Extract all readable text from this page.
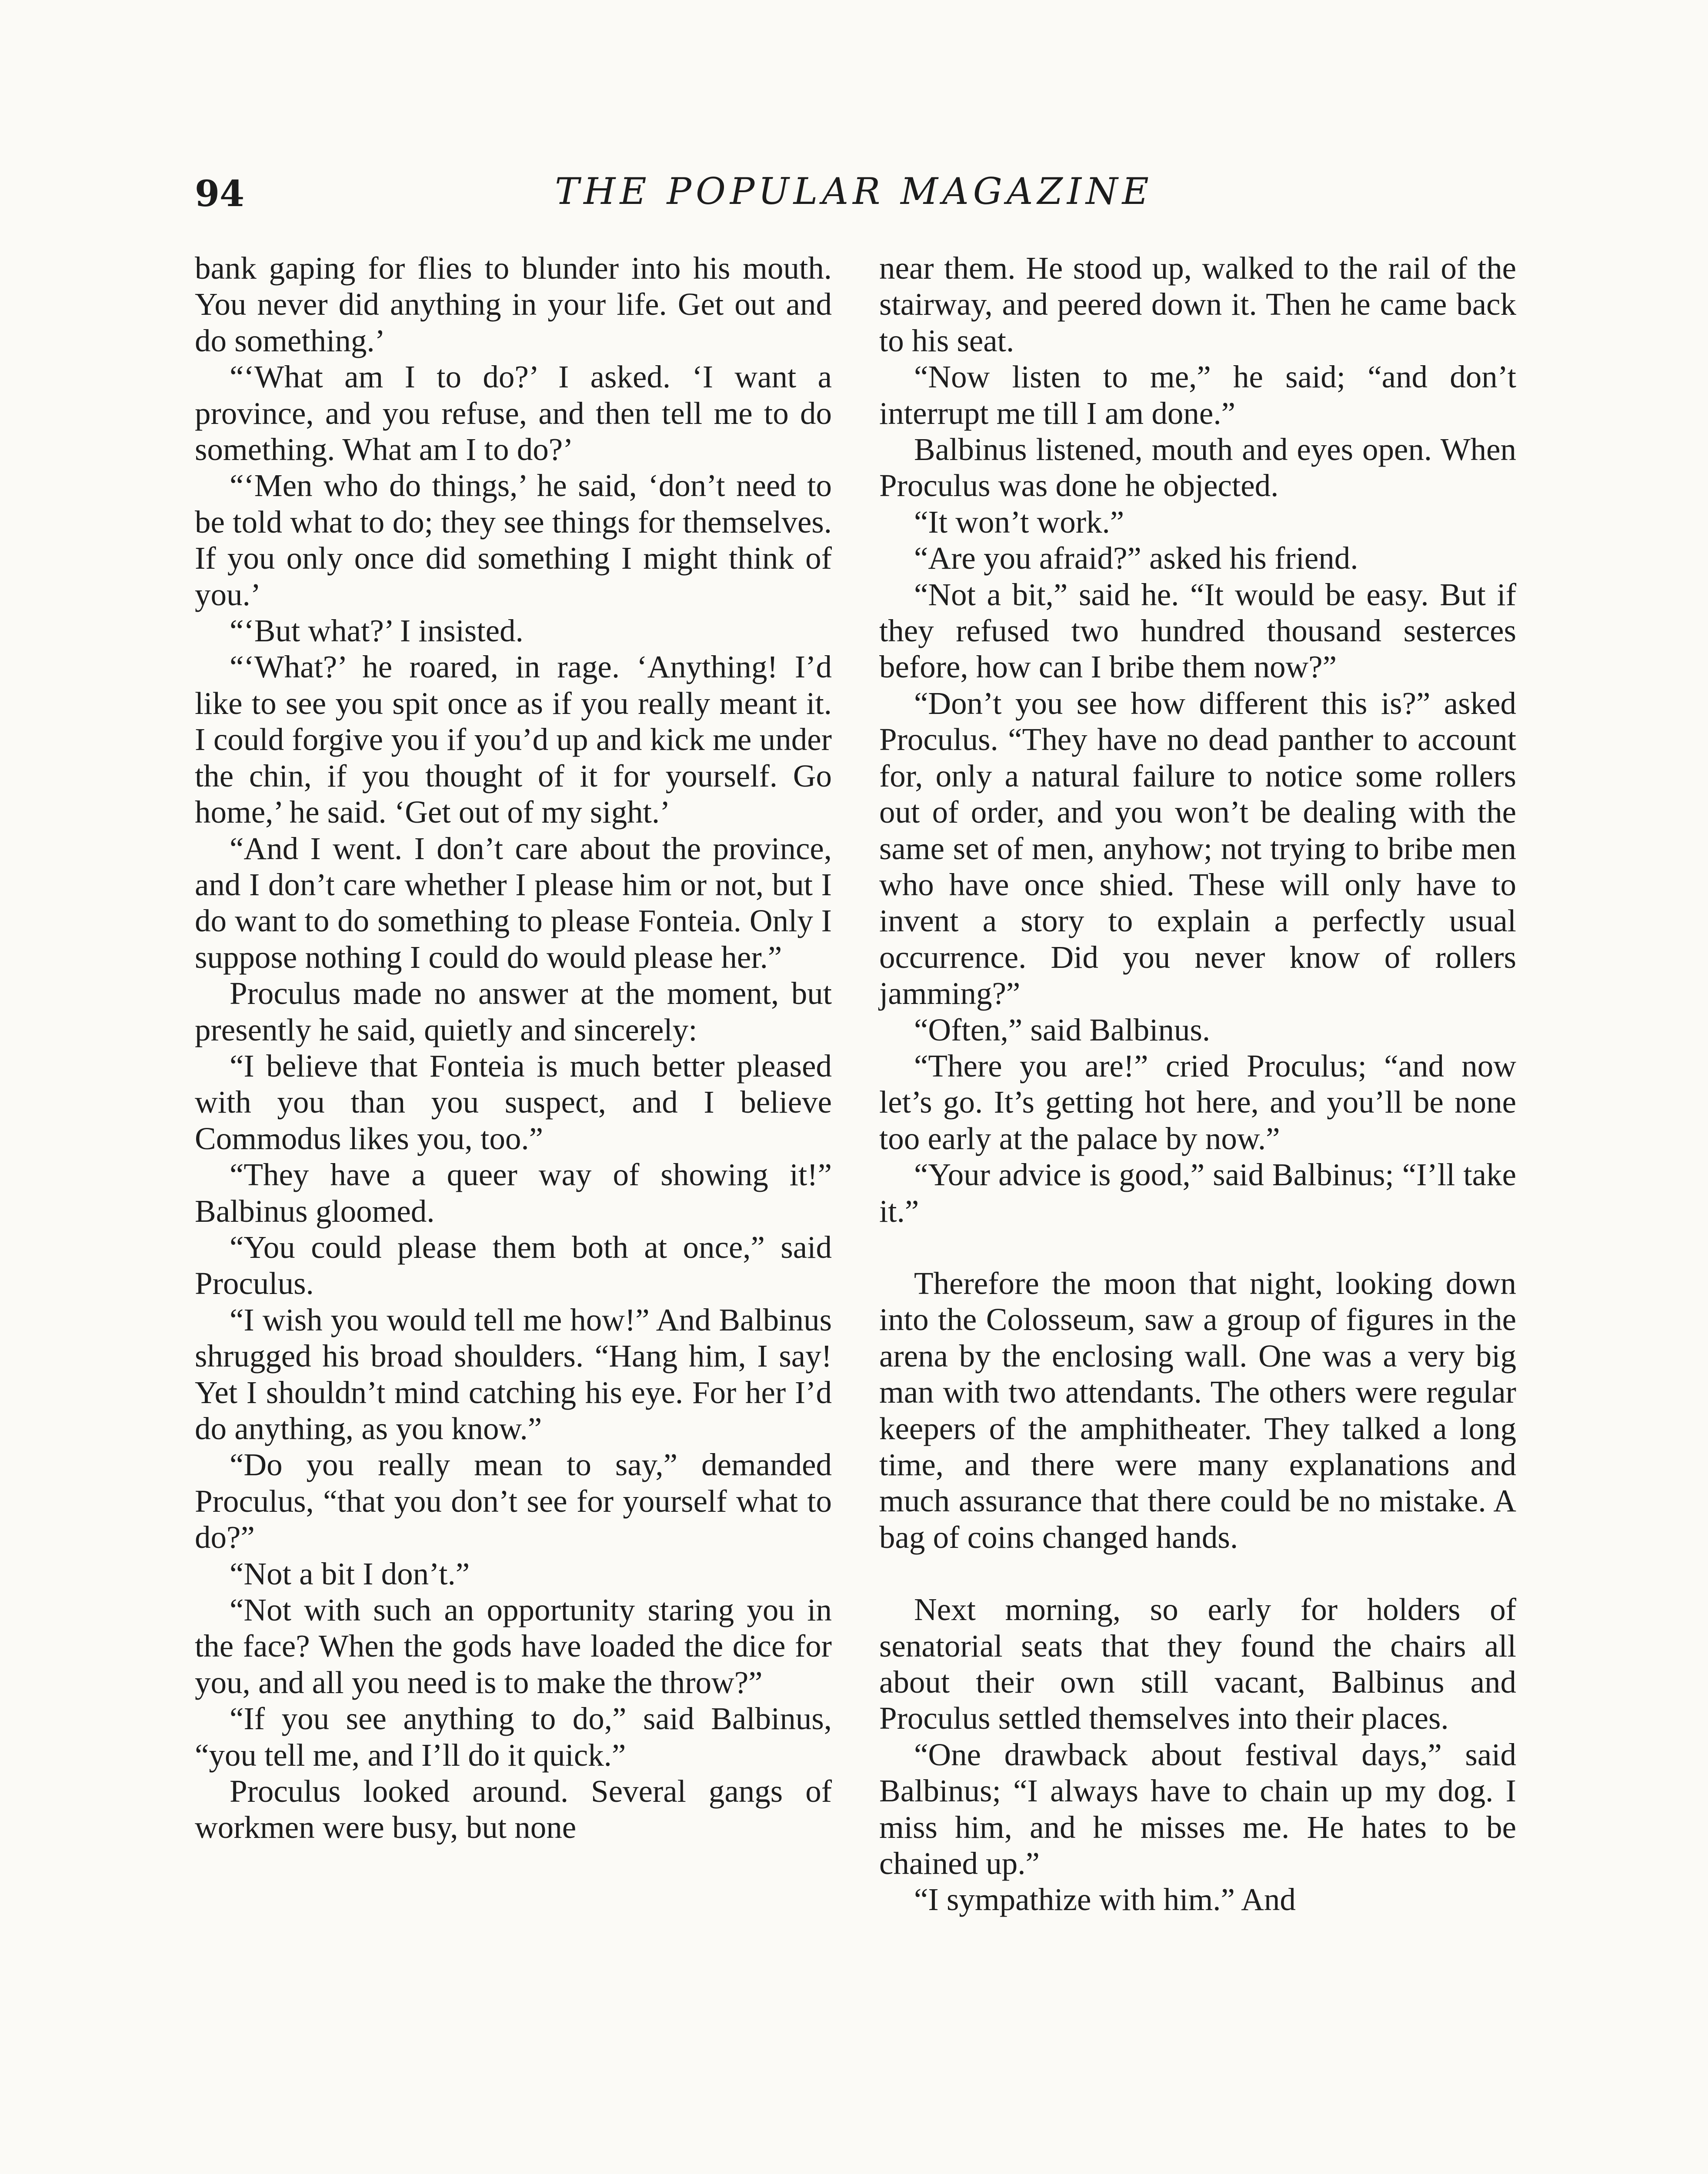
94	THE POPULAR MAGAZINE

bank gaping for flies to blunder into his mouth. You never did anything in your life. Get out and do something.’

“‘What am I to do?’ I asked. ‘I want a province, and you refuse, and then tell me to do something. What am I to do?’

“‘Men who do things,’ he said, ‘don’t need to be told what to do; they see things for themselves. If you only once did something I might think of you.’

“‘But what?’ I insisted.

“‘What?’ he roared, in rage. ‘Anything! I’d like to see you spit once as if you really meant it. I could forgive you if you’d up and kick me under the chin, if you thought of it for yourself. Go home,’ he said. ‘Get out of my sight.’

“And I went. I don’t care about the province, and I don’t care whether I please him or not, but I do want to do something to please Fonteia. Only I suppose nothing I could do would please her.”

Proculus made no answer at the moment, but presently he said, quietly and sincerely:

“I believe that Fonteia is much better pleased with you than you suspect, and I believe Commodus likes you, too.”

“They have a queer way of showing it!” Balbinus gloomed.

“You could please them both at once,” said Proculus.

“I wish you would tell me how!” And Balbinus shrugged his broad shoulders. “Hang him, I say! Yet I shouldn’t mind catching his eye. For her I’d do anything, as you know.”

“Do you really mean to say,” demanded Proculus, “that you don’t see for yourself what to do?”

“Not a bit I don’t.”

“Not with such an opportunity staring you in the face? When the gods have loaded the dice for you, and all you need is to make the throw?”

“If you see anything to do,” said Balbinus, “you tell me, and I’ll do it quick.”

Proculus looked around. Several gangs of workmen were busy, but none

near them. He stood up, walked to the rail of the stairway, and peered down it. Then he came back to his seat.

“Now listen to me,” he said; “and don’t interrupt me till I am done.”

Balbinus listened, mouth and eyes open. When Proculus was done he objected.

“It won’t work.”

“Are you afraid?” asked his friend.

“Not a bit,” said he. “It would be easy. But if they refused two hundred thousand sesterces before, how can I bribe them now?”

“Don’t you see how different this is?” asked Proculus. “They have no dead panther to account for, only a natural failure to notice some rollers out of order, and you won’t be dealing with the same set of men, anyhow; not trying to bribe men who have once shied. These will only have to invent a story to explain a perfectly usual occurrence. Did you never know of rollers jamming?”

“Often,” said Balbinus.

“There you are!” cried Proculus; “and now let’s go. It’s getting hot here, and you’ll be none too early at the palace by now.”

“Your advice is good,” said Balbinus; “I’ll take it.”

Therefore the moon that night, looking down into the Colosseum, saw a group of figures in the arena by the enclosing wall. One was a very big man with two attendants. The others were regular keepers of the amphitheater. They talked a long time, and there were many explanations and much assurance that there could be no mistake. A bag of coins changed hands.

Next morning, so early for holders of senatorial seats that they found the chairs all about their own still vacant, Balbinus and Proculus settled themselves into their places.

“One drawback about festival days,” said Balbinus; “I always have to chain up my dog. I miss him, and he misses me. He hates to be chained up.”

“I sympathize with him.” And
